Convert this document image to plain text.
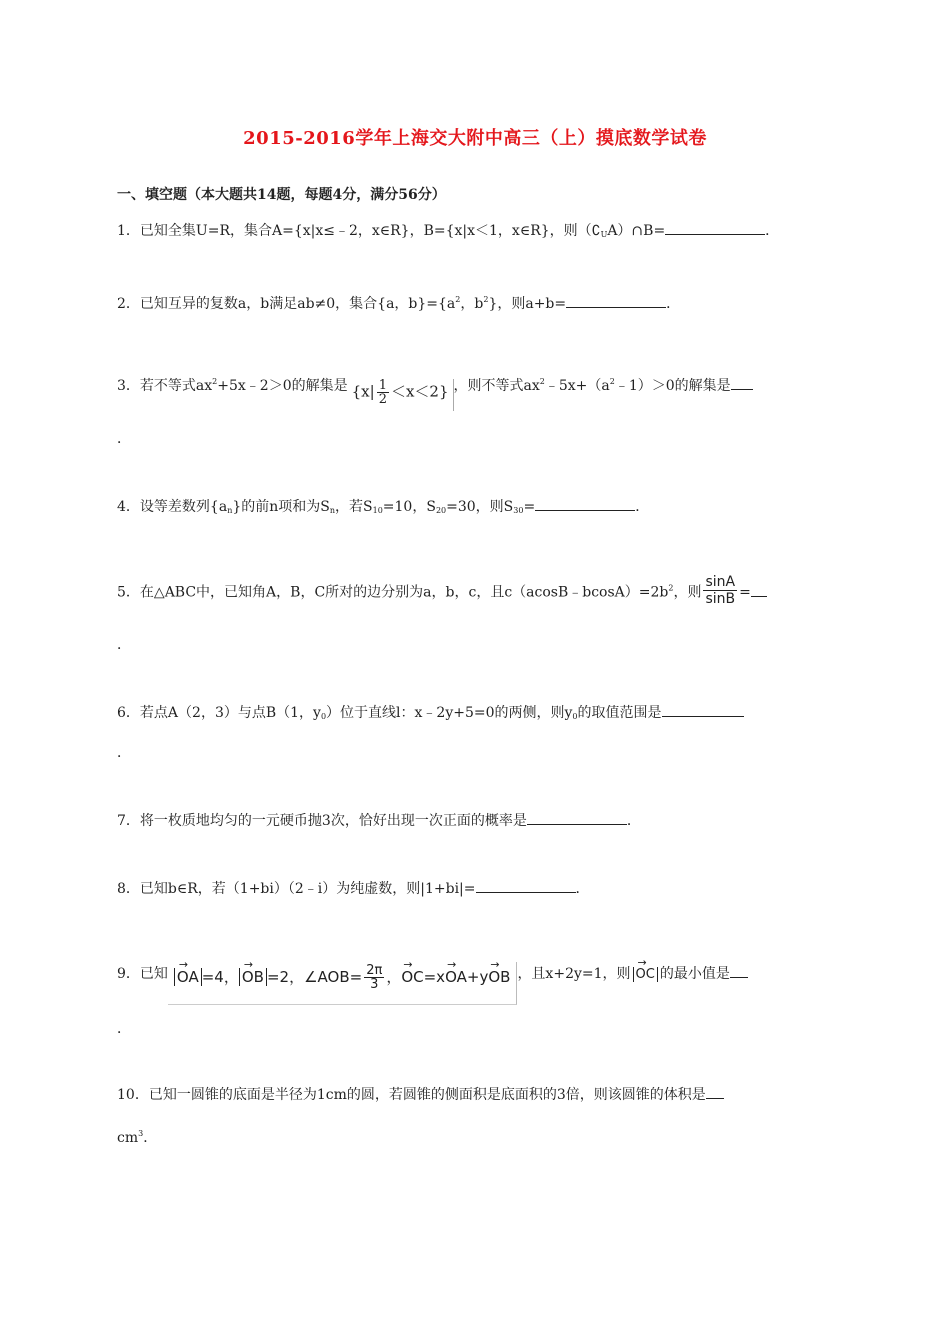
2015-2016学年上海交大附中高三（上）摸底数学试卷
一、填空题（本大题共14题，每题4分，满分56分）
1．已知全集U=R，集合A={x|x≤﹣2，x∈R}，B={x|x＜1，x∈R}，则$(∁_UA)\cap B=$	．
2．已知互异的复数a，b满足ab≠0，集合{a，$b\}=\{a^2$，$b^2$}，则a+b=	．
3．若不等式$ax^2+5x﹣2>0$的解集是 $\{x| \frac{1}{2} <x<2\}$ ，则不等式$ax^2﹣5x+(a^2﹣1)>0$的解集是
．
4．设等差数列$\{a_n\}$的前n项和为$S_n$，若$S_{10}=10$，$S_{20}=30$，则$S_{30}=$	．
5．在△ABC中，已知角A，B，C所对的边分别为a，b，c，且$c(acosB﹣bcosA)=2b^2$，则 $\frac{\sin A}{\sin B}$ =
．
6．若点A（2，3）与点B（1，$y_0$）位于直线l：x﹣2y+5=0的两侧，则$y_0$的取值范围是
．
7．将一枚质地均匀的一元硬币抛3次，恰好出现一次正面的概率是	．
8．已知b∈R，若（1+bi）（2﹣i）为纯虚数，则|1+bi|=	．
9．已知 → OA =4， → OB =2，∠AOB= $\frac{2\pi}{3}$ ，→ OC=x→ OA+y→ OB ，且x+2y=1，则 → OC 的最小值是
．
10．已知一圆锥的底面是半径为1cm的圆，若圆锥的侧面积是底面积的3倍，则该圆锥的体积是
$cm^3$．
